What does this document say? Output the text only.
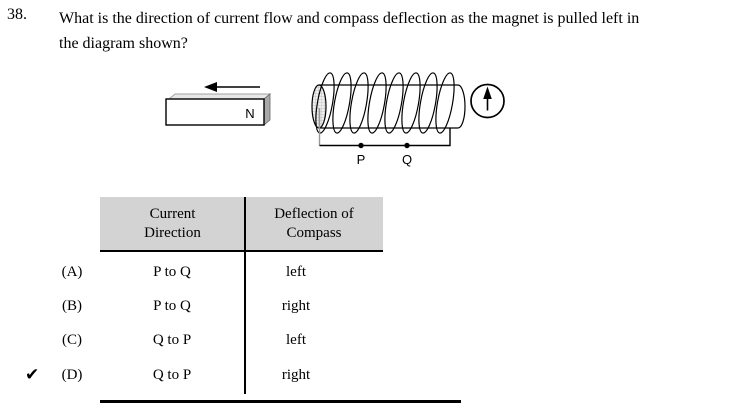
38. What is the direction of current flow and compass deflection as the magnet is pulled left in
the diagram shown?
N
P	Q
Current
Direction
Deflection of
Compass
(A)	P to Q	left
(B)	P to Q	right
(C)	Q to P	left
(D)	Q to P	right
✔
